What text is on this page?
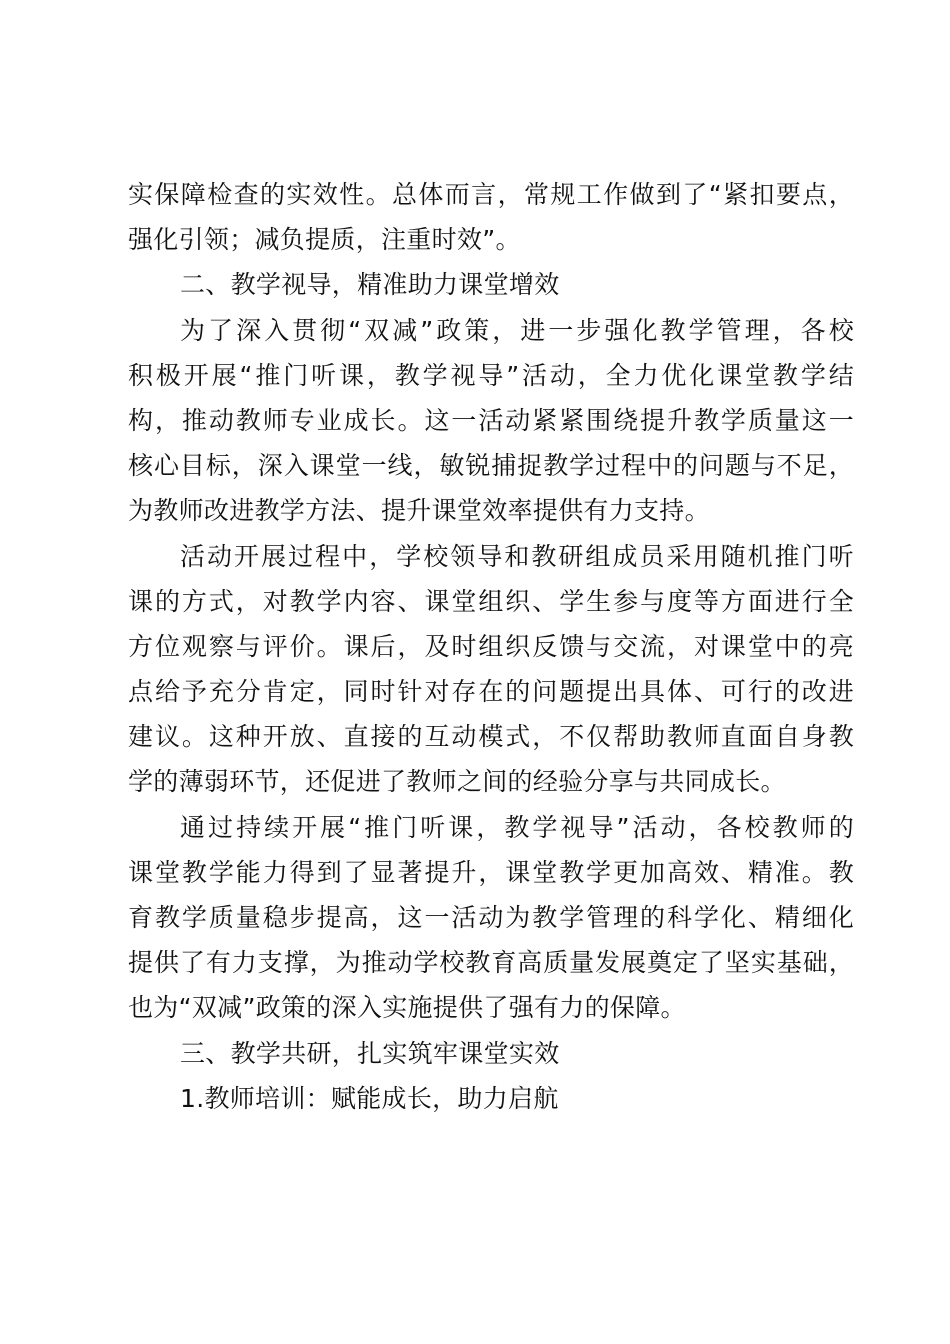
实保障检查的实效性。总体而言，常规工作做到了“紧扣要点，
强化引领；减负提质，注重时效”。
二、教学视导，精准助力课堂增效
为了深入贯彻“双减”政策，进一步强化教学管理，各校
积极开展“推门听课，教学视导”活动，全力优化课堂教学结
构，推动教师专业成长。这一活动紧紧围绕提升教学质量这一
核心目标，深入课堂一线，敏锐捕捉教学过程中的问题与不足，
为教师改进教学方法、提升课堂效率提供有力支持。
活动开展过程中，学校领导和教研组成员采用随机推门听
课的方式，对教学内容、课堂组织、学生参与度等方面进行全
方位观察与评价。课后，及时组织反馈与交流，对课堂中的亮
点给予充分肯定，同时针对存在的问题提出具体、可行的改进
建议。这种开放、直接的互动模式，不仅帮助教师直面自身教
学的薄弱环节，还促进了教师之间的经验分享与共同成长。
通过持续开展“推门听课，教学视导”活动，各校教师的
课堂教学能力得到了显著提升，课堂教学更加高效、精准。教
育教学质量稳步提高，这一活动为教学管理的科学化、精细化
提供了有力支撑，为推动学校教育高质量发展奠定了坚实基础，
也为“双减”政策的深入实施提供了强有力的保障。
三、教学共研，扎实筑牢课堂实效
1.教师培训：赋能成长，助力启航
